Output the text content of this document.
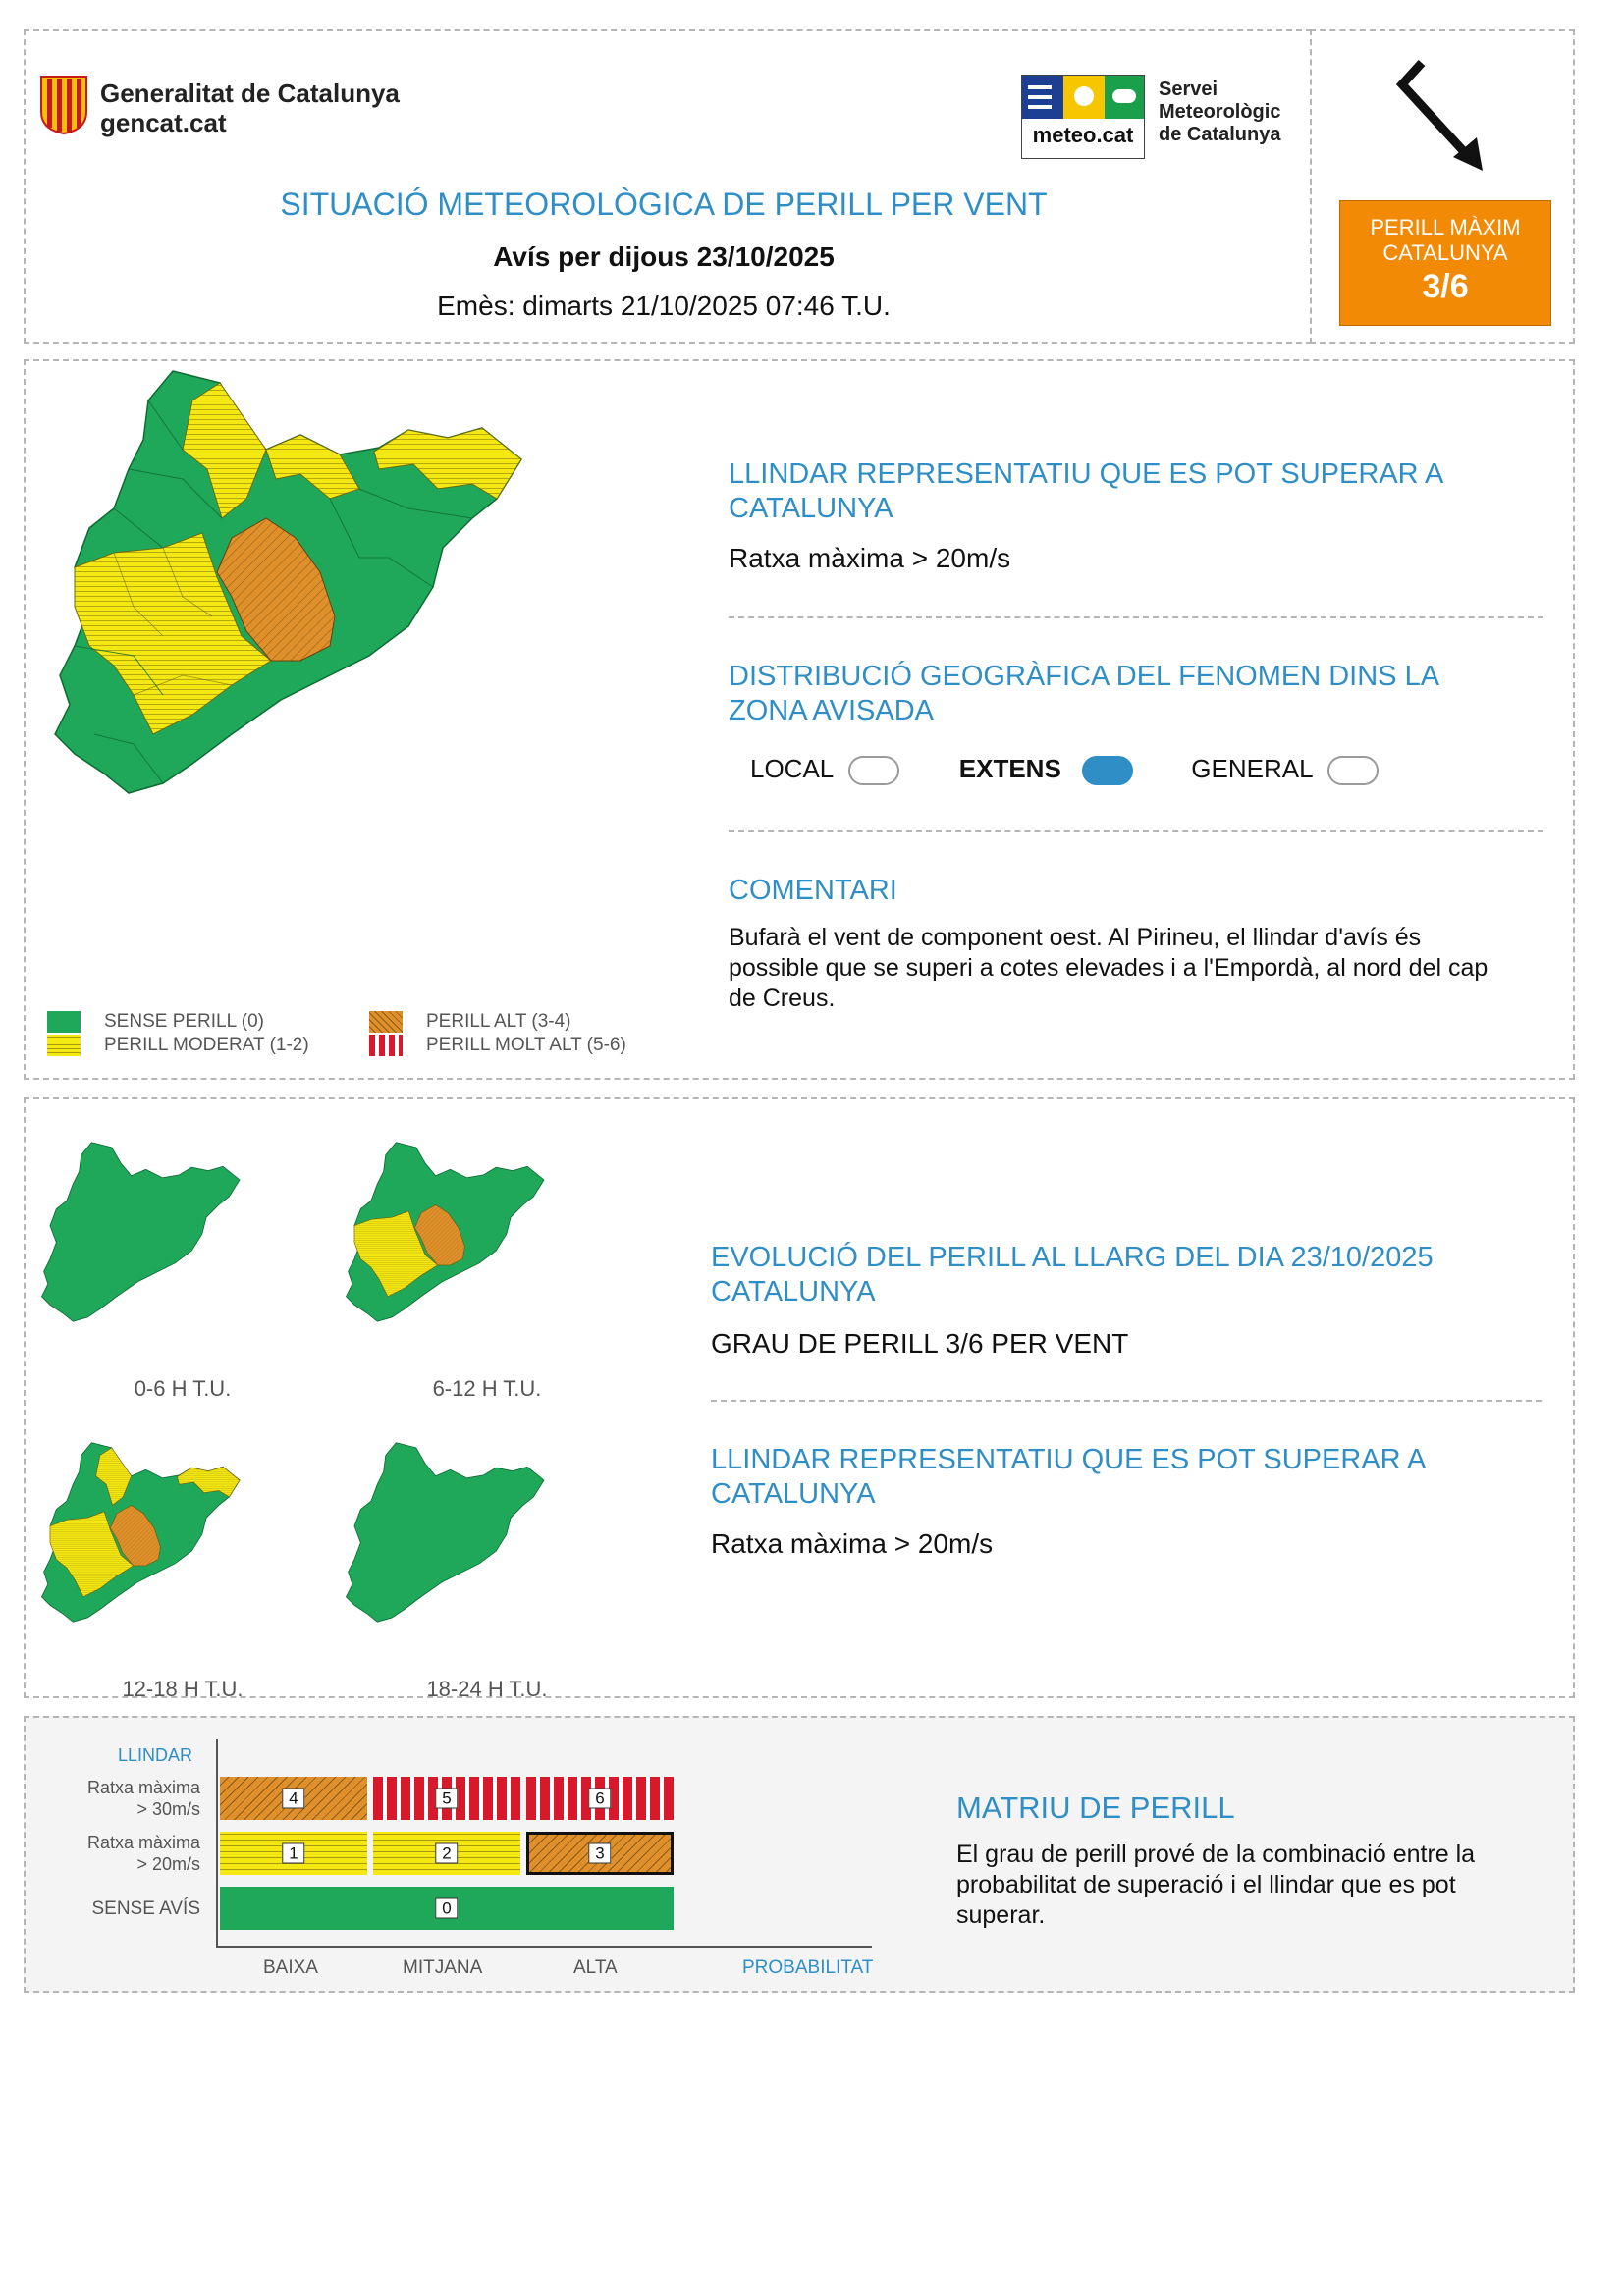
Generalitat de Catalunya
gencat.cat	meteo.cat
Servei
Meteorològic
de Catalunya
SITUACIÓ METEOROLÒGICA DE PERILL PER VENT
Avís per dijous 23/10/2025
Emès: dimarts 21/10/2025 07:46 T.U.
PERILL MÀXIM
CATALUNYA
3/6
SENSE PERILL (0)
PERILL MODERAT (1-2)
PERILL ALT (3-4)
PERILL MOLT ALT (5-6)
LLINDAR REPRESENTATIU QUE ES POT SUPERAR A CATALUNYA
Ratxa màxima > 20m/s
DISTRIBUCIÓ GEOGRÀFICA DEL FENOMEN DINS LA ZONA AVISADA
LOCAL	EXTENS	GENERAL
COMENTARI
Bufarà el vent de component oest. Al Pirineu, el llindar d'avís és possible que se superi a cotes elevades i a l'Empordà, al nord del cap de Creus.
0-6 H T.U.	6-12 H T.U.
12-18 H T.U.	18-24 H T.U.
EVOLUCIÓ DEL PERILL AL LLARG DEL DIA 23/10/2025 CATALUNYA
GRAU DE PERILL 3/6 PER VENT
LLINDAR REPRESENTATIU QUE ES POT SUPERAR A CATALUNYA
Ratxa màxima > 20m/s
LLINDAR
Ratxa màxima
> 30m/s
Ratxa màxima
> 20m/s
SENSE AVÍS
4	5	6
1	2	3
0
BAIXA	MITJANA	ALTA	PROBABILITAT
MATRIU DE PERILL
El grau de perill prové de la combinació entre la probabilitat de superació i el llindar que es pot superar.
